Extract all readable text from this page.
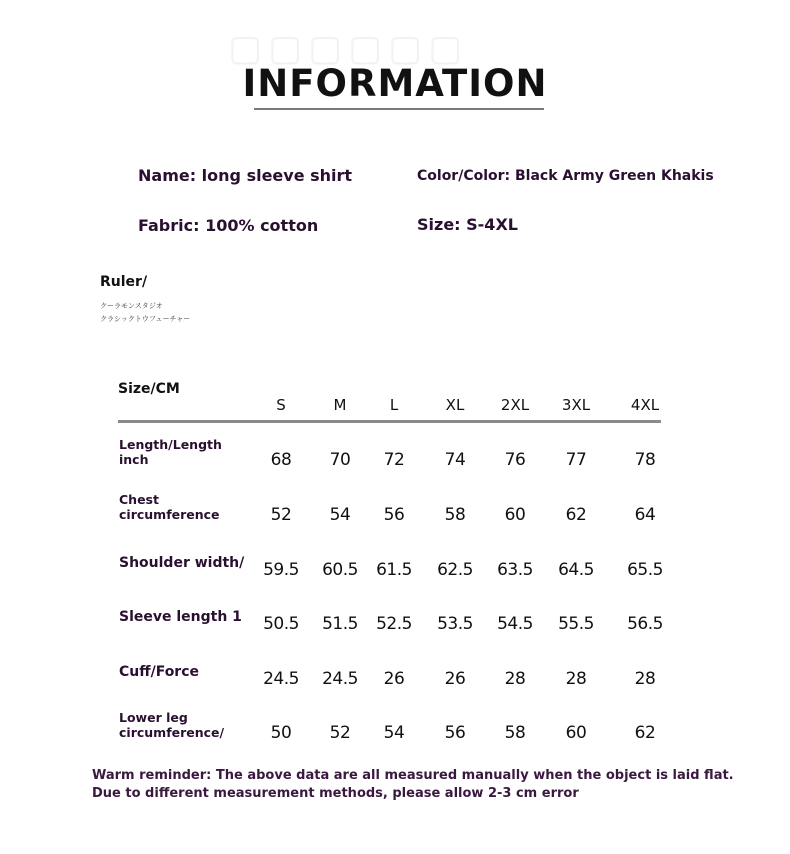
▢▢▢▢▢▢
INFORMATION
Name: long sleeve shirt	Color/Color: Black Army Green Khakis
Fabric: 100% cotton	Size: S-4XL
Ruler/
クーラモンスタジオ
クラシックトウフューチャー
Size/CM
S	M	L	XL 2XL 3XL	4XL
Length/Length
inch	68 70 72 74 76 77	78
Chest
circumference	52 54 56 58 60 62	64
Shoulder width/ 59.5 60.5 61.5 62.5 63.5 64.5 65.5
Sleeve length 1 50.5 51.5 52.5 53.5 54.5 55.5 56.5
Cuff/Force	24.5 24.5 26 26 28 28	28
Lower leg
circumference/	50 52 54 56 58 60	62
Warm reminder: The above data are all measured manually when the object is laid flat.
Due to different measurement methods, please allow 2-3 cm error
